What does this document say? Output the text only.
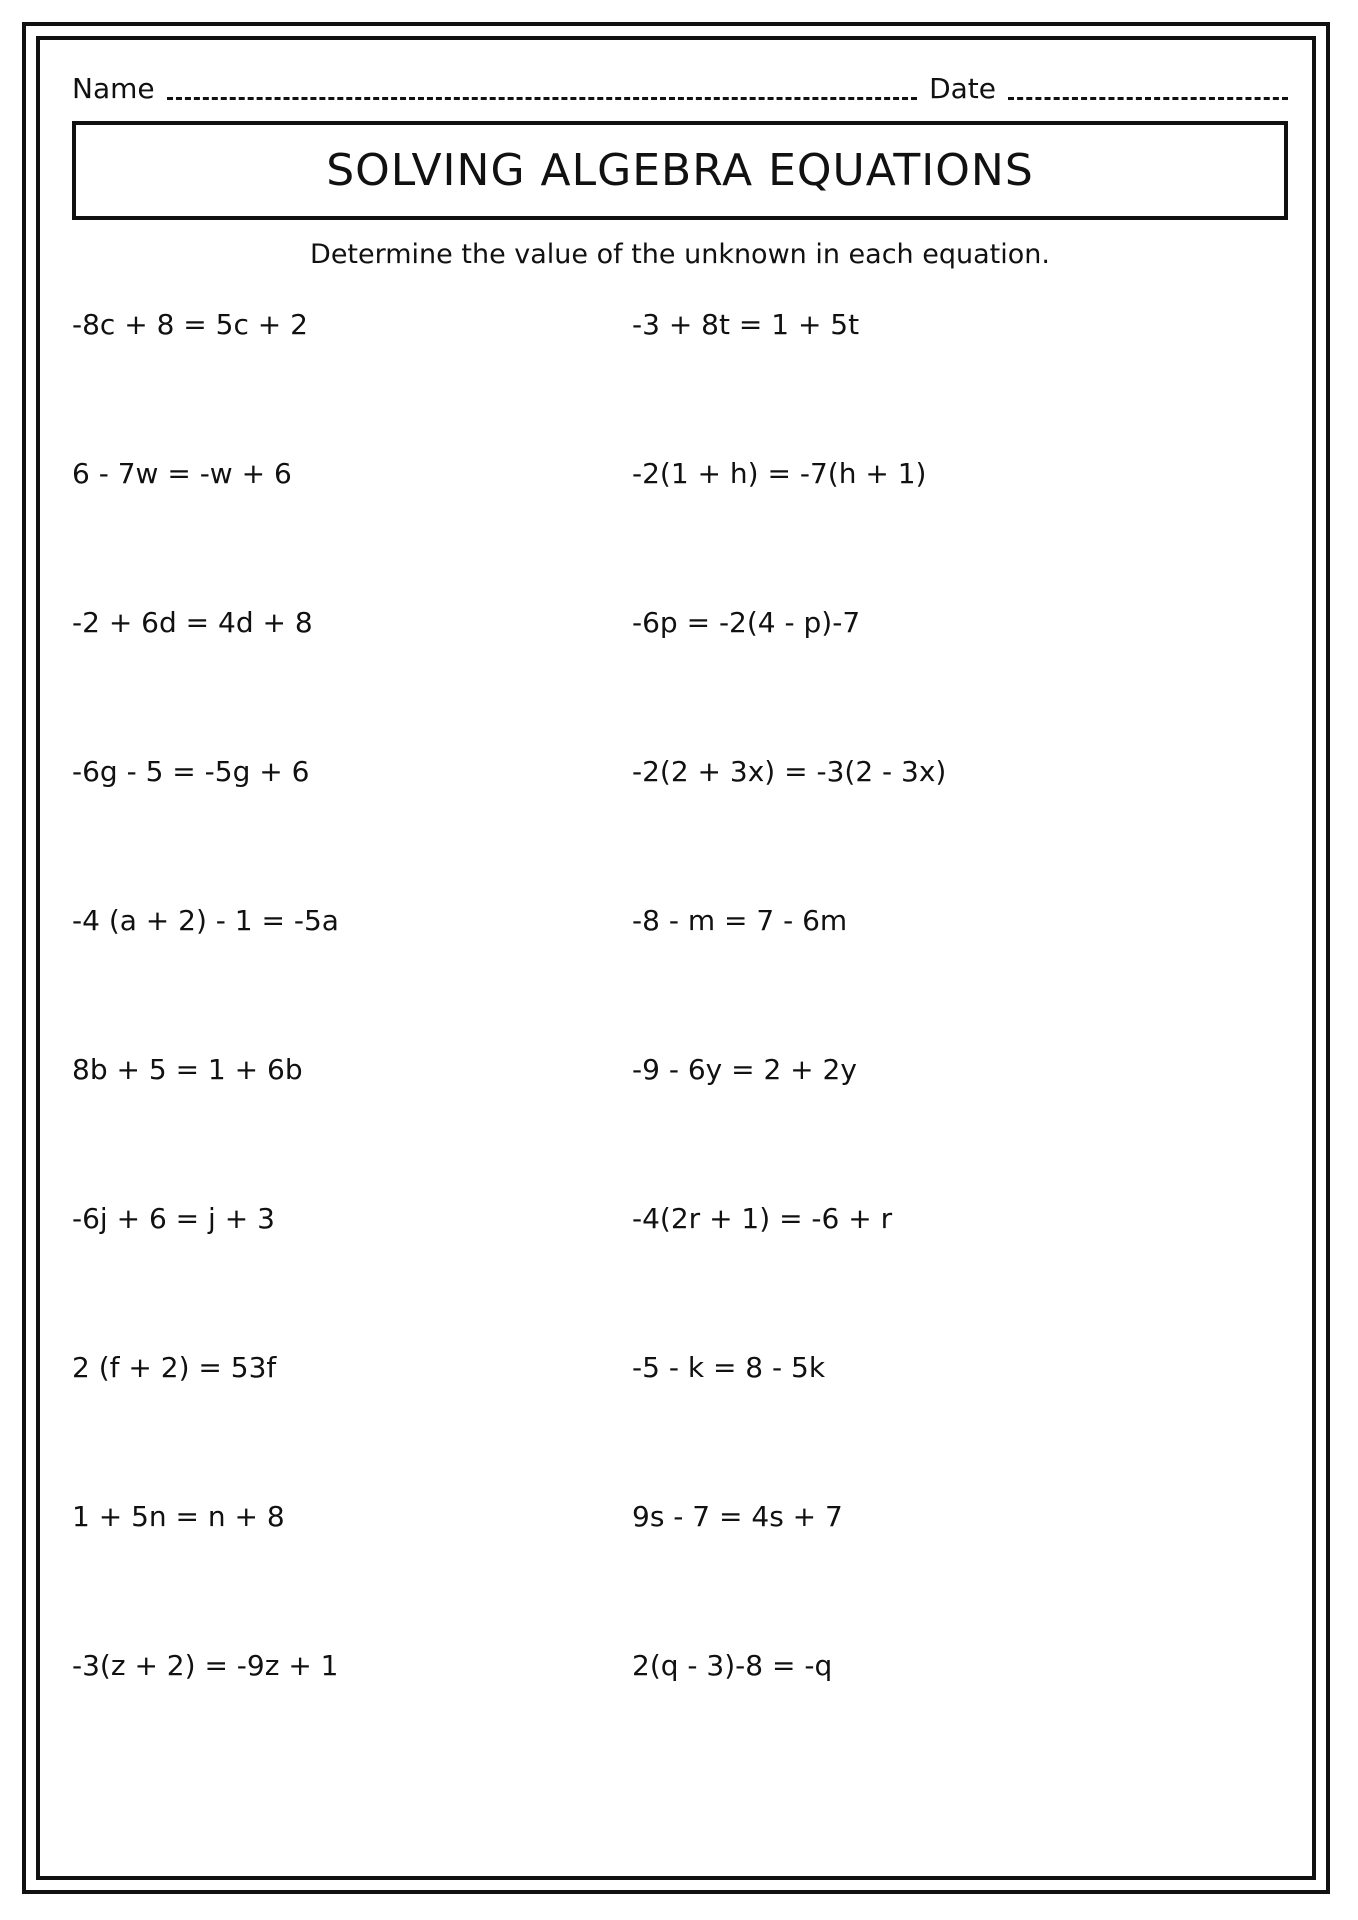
Name	Date
SOLVING ALGEBRA EQUATIONS
Determine the value of the unknown in each equation.
-8c + 8 = 5c + 2	-3 + 8t = 1 + 5t
6 - 7w = -w + 6	-2(1 + h) = -7(h + 1)
-2 + 6d = 4d + 8	-6p = -2(4 - p)-7
-6g - 5 = -5g + 6	-2(2 + 3x) = -3(2 - 3x)
-4 (a + 2) - 1 = -5a	-8 - m = 7 - 6m
8b + 5 = 1 + 6b	-9 - 6y = 2 + 2y
-6j + 6 = j + 3	-4(2r + 1) = -6 + r
2 (f + 2) = 53f	-5 - k = 8 - 5k
1 + 5n = n + 8	9s - 7 = 4s + 7
-3(z + 2) = -9z + 1	2(q - 3)-8 = -q
